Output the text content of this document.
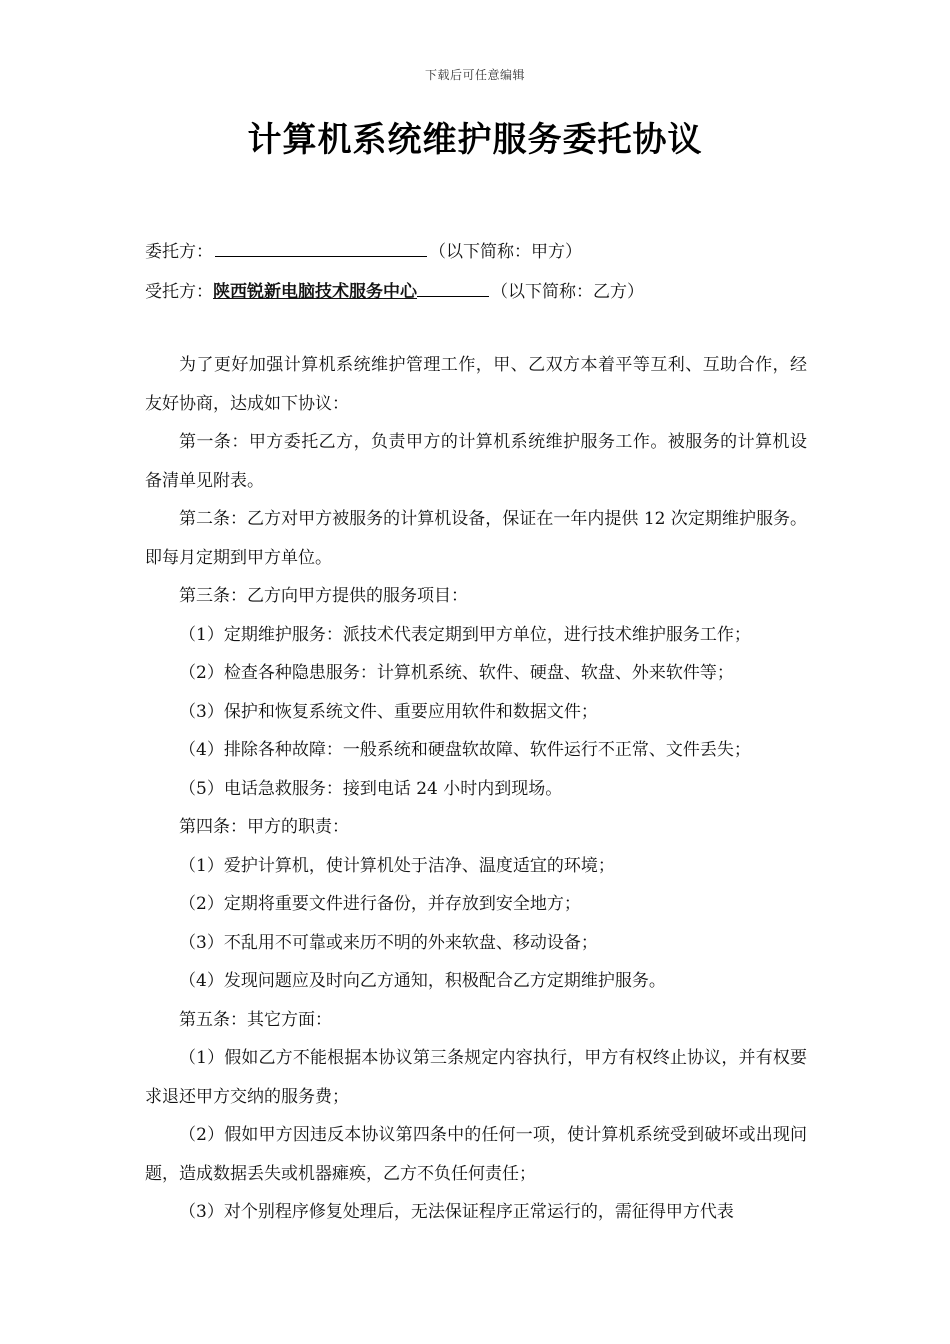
下载后可任意编辑
计算机系统维护服务委托协议
委托方：	（以下简称：甲方）
受托方：陕西锐新电脑技术服务中心	（以下简称：乙方）

为了更好加强计算机系统维护管理工作，甲、乙双方本着平等互利、互助合作，经友好协商，达成如下协议：

第一条：甲方委托乙方，负责甲方的计算机系统维护服务工作。被服务的计算机设备清单见附表。

第二条：乙方对甲方被服务的计算机设备，保证在一年内提供 12 次定期维护服务。即每月定期到甲方单位。

第三条：乙方向甲方提供的服务项目：

（1）定期维护服务：派技术代表定期到甲方单位，进行技术维护服务工作；

（2）检查各种隐患服务：计算机系统、软件、硬盘、软盘、外来软件等；

（3）保护和恢复系统文件、重要应用软件和数据文件；

（4）排除各种故障：一般系统和硬盘软故障、软件运行不正常、文件丢失；

（5）电话急救服务：接到电话 24 小时内到现场。

第四条：甲方的职责：

（1）爱护计算机，使计算机处于洁净、温度适宜的环境；

（2）定期将重要文件进行备份，并存放到安全地方；

（3）不乱用不可靠或来历不明的外来软盘、移动设备；

（4）发现问题应及时向乙方通知，积极配合乙方定期维护服务。

第五条：其它方面：

（1）假如乙方不能根据本协议第三条规定内容执行，甲方有权终止协议，并有权要求退还甲方交纳的服务费；

（2）假如甲方因违反本协议第四条中的任何一项，使计算机系统受到破坏或出现问题，造成数据丢失或机器瘫痪，乙方不负任何责任；

（3）对个别程序修复处理后，无法保证程序正常运行的，需征得甲方代表
